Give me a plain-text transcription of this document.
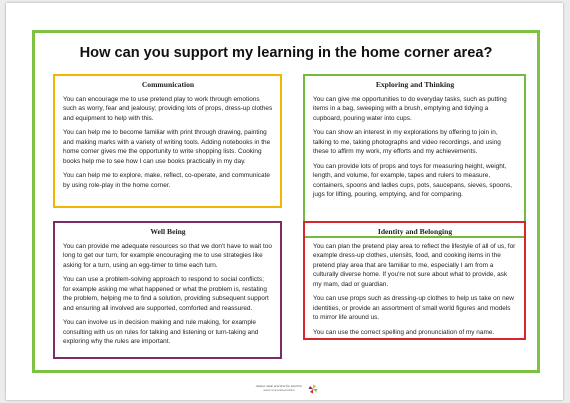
How can you support my learning in the home corner area?
Communication

You can encourage me to use pretend play to work through emotions such as worry, fear and jealousy; providing lots of props, dress-up clothes and equipment to help with this.

You can help me to become familiar with print through drawing, painting and making marks with a variety of writing tools. Adding notebooks in the home corner gives me the opportunity to write shopping lists. Cooking books help me to see how I can use books practically in my day.

You can help me to explore, make, reflect, co-operate, and communicate by using role-play in the home corner.

Exploring and Thinking

You can give me opportunities to do everyday tasks, such as putting items in a bag, sweeping with a brush, emptying and tidying a cupboard, pouring water into cups.

You can show an interest in my explorations by offering to join in, talking to me, taking photographs and video recordings, and using these to affirm my work, my efforts and my achievements.

You can provide lots of props and toys for measuring height, weight, length, and volume, for example, tapes and rulers to measure, containers, spoons and ladles cups, pots, saucepans, sieves, spoons, jugs for lifting, pouring, emptying, and for comparing.

Well Being

You can provide me adequate resources so that we don't have to wait too long to get our turn, for example encouraging me to use strategies like asking for a turn, using an egg-timer to time each turn.

You can use a problem-solving approach to respond to social conflicts; for example asking me what happened or what the problem is, restating the problem, helping me to find a solution, providing subsequent support and ensuring all involved are supported, comforted and reassured.

You can involve us in decision making and rule making, for example consulting with us on rules for talking and listening or turn-taking and exploring why the rules are important.

Identity and Belonging

You can plan the pretend play area to reflect the lifestyle of all of us, for example dress-up clothes, utensils, food, and cooking items in the pretend play area that are familiar to me, especially I am from a culturally diverse home. If you're not sure about what to provide, ask my mam, dad or guardian.

You can use props such as dressing-up clothes to help us take on new identities, or provide an assortment of small world figures and models to mirror life around us.

You can use the correct spelling and pronunciation of my name.

Aistear, made practical for practice!
aistear.ncca.ie/aistearsiolta/ie
